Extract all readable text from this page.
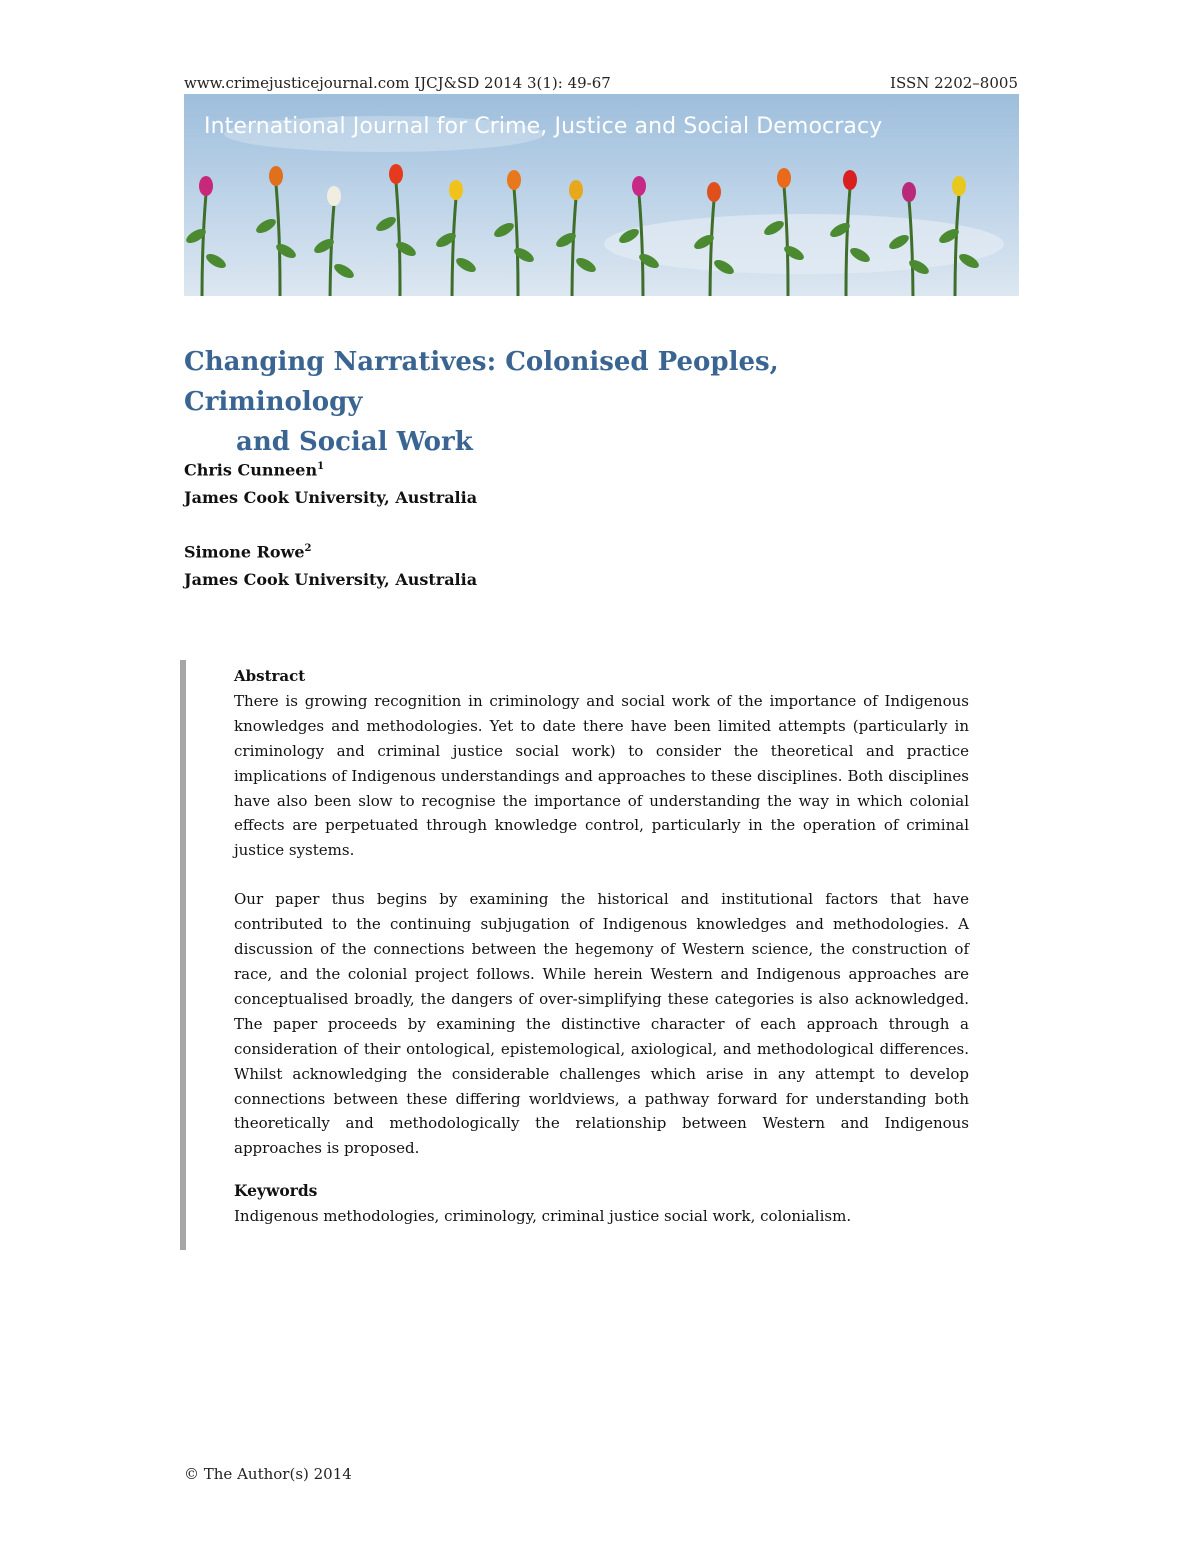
www.crimejusticejournal.com IJCJ&SD 2014 3(1): 49-67	ISSN 2202–8005
International Journal for Crime, Justice and Social Democracy
Changing Narratives: Colonised Peoples, Criminology
and Social Work
Chris Cunneen$^1$
James Cook University, Australia
Simone Rowe$^2$
James Cook University, Australia
Abstract

There is growing recognition in criminology and social work of the importance of Indigenous knowledges and methodologies. Yet to date there have been limited attempts (particularly in criminology and criminal justice social work) to consider the theoretical and practice implications of Indigenous understandings and approaches to these disciplines. Both disciplines have also been slow to recognise the importance of understanding the way in which colonial effects are perpetuated through knowledge control, particularly in the operation of criminal justice systems.

Our paper thus begins by examining the historical and institutional factors that have contributed to the continuing subjugation of Indigenous knowledges and methodologies. A discussion of the connections between the hegemony of Western science, the construction of race, and the colonial project follows. While herein Western and Indigenous approaches are conceptualised broadly, the dangers of over-simplifying these categories is also acknowledged. The paper proceeds by examining the distinctive character of each approach through a consideration of their ontological, epistemological, axiological, and methodological differences. Whilst acknowledging the considerable challenges which arise in any attempt to develop connections between these differing worldviews, a pathway forward for understanding both theoretically and methodologically the relationship between Western and Indigenous approaches is proposed.

Keywords

Indigenous methodologies, criminology, criminal justice social work, colonialism.

© The Author(s) 2014
